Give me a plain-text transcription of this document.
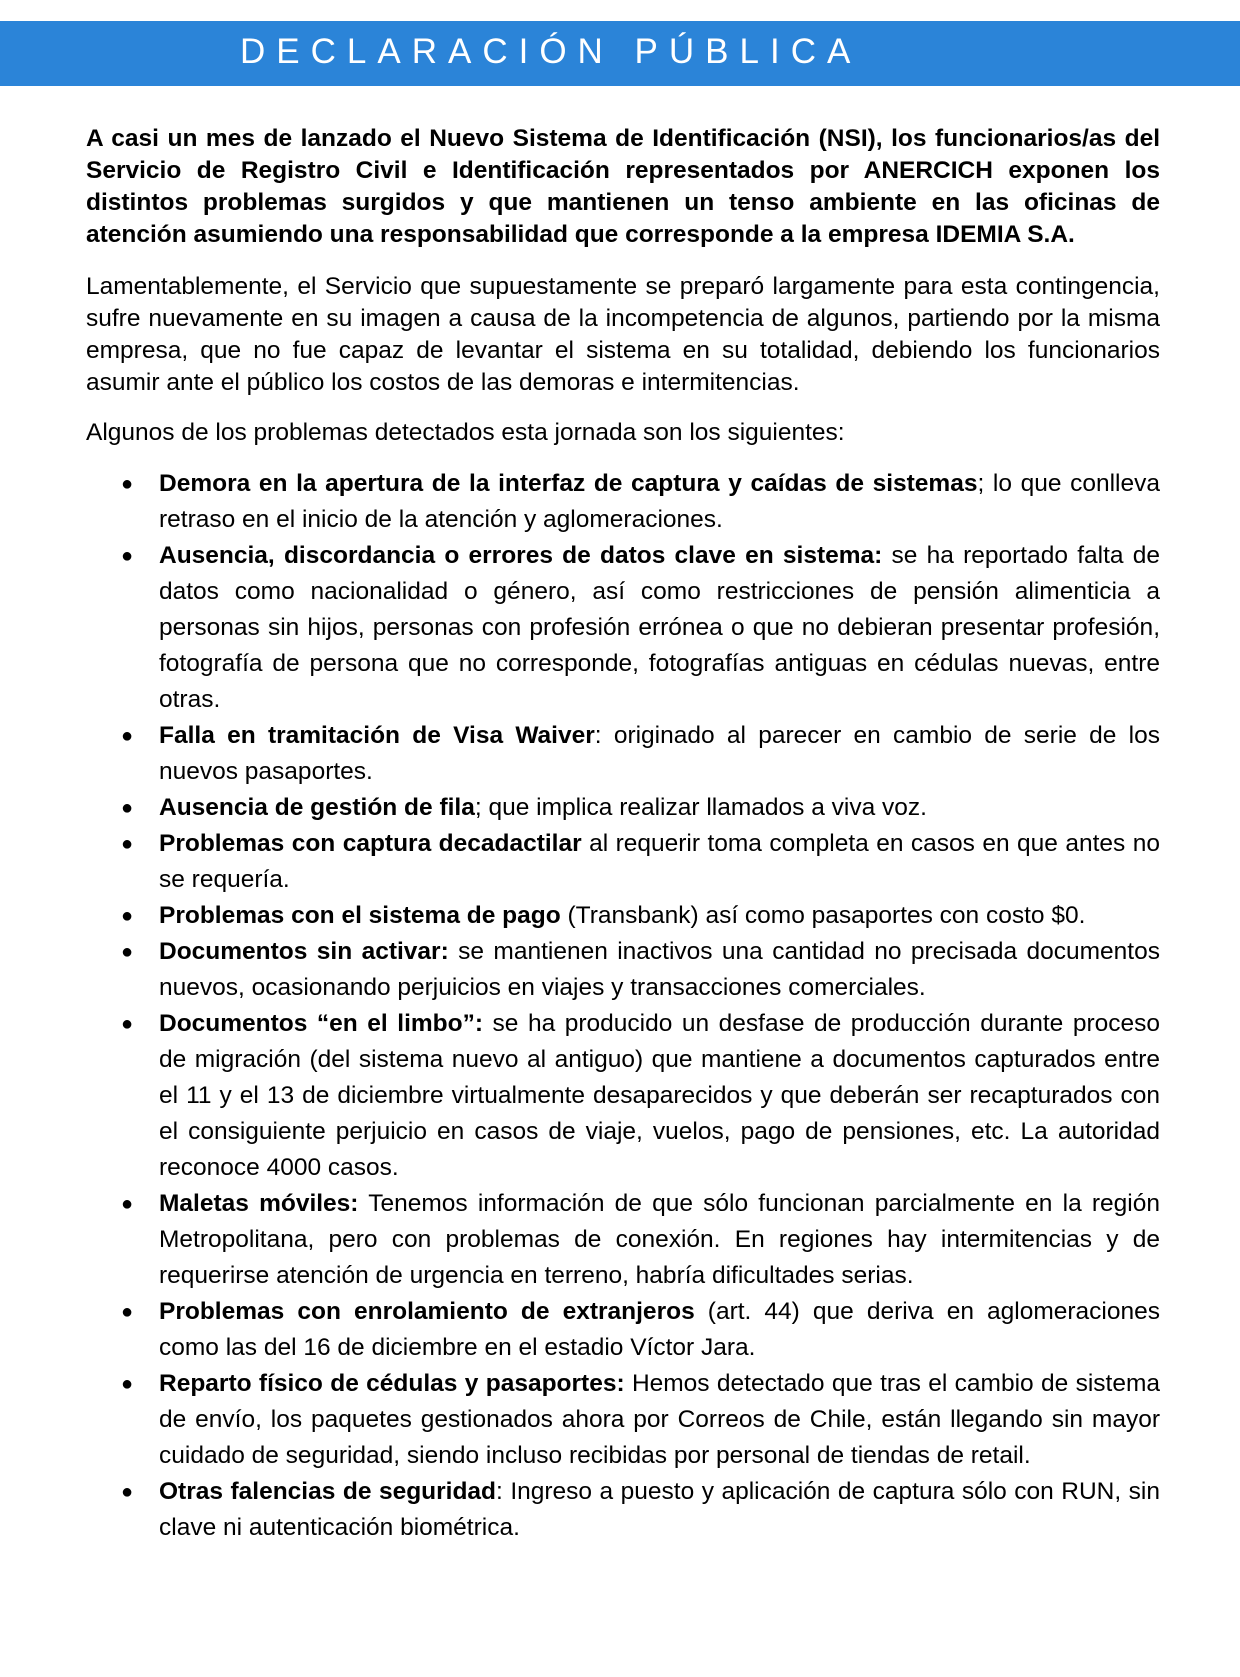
DECLARACIÓN PÚBLICA

A casi un mes de lanzado el Nuevo Sistema de Identificación (NSI), los funcionarios/as del Servicio de Registro Civil e Identificación representados por ANERCICH exponen los distintos problemas surgidos y que mantienen un tenso ambiente en las oficinas de atención asumiendo una responsabilidad que corresponde a la empresa IDEMIA S.A.

Lamentablemente, el Servicio que supuestamente se preparó largamente para esta contingencia, sufre nuevamente en su imagen a causa de la incompetencia de algunos, partiendo por la misma empresa, que no fue capaz de levantar el sistema en su totalidad, debiendo los funcionarios asumir ante el público los costos de las demoras e intermitencias.

Algunos de los problemas detectados esta jornada son los siguientes:

● Demora en la apertura de la interfaz de captura y caídas de sistemas; lo que conlleva retraso en el inicio de la atención y aglomeraciones.
● Ausencia, discordancia o errores de datos clave en sistema: se ha reportado falta de datos como nacionalidad o género, así como restricciones de pensión alimenticia a personas sin hijos, personas con profesión errónea o que no debieran presentar profesión, fotografía de persona que no corresponde, fotografías antiguas en cédulas nuevas, entre otras.
● Falla en tramitación de Visa Waiver: originado al parecer en cambio de serie de los nuevos pasaportes.
● Ausencia de gestión de fila; que implica realizar llamados a viva voz.
● Problemas con captura decadactilar al requerir toma completa en casos en que antes no se requería.
● Problemas con el sistema de pago (Transbank) así como pasaportes con costo $0.
● Documentos sin activar: se mantienen inactivos una cantidad no precisada documentos nuevos, ocasionando perjuicios en viajes y transacciones comerciales.
● Documentos “en el limbo”: se ha producido un desfase de producción durante proceso de migración (del sistema nuevo al antiguo) que mantiene a documentos capturados entre el 11 y el 13 de diciembre virtualmente desaparecidos y que deberán ser recapturados con el consiguiente perjuicio en casos de viaje, vuelos, pago de pensiones, etc. La autoridad reconoce 4000 casos.
● Maletas móviles: Tenemos información de que sólo funcionan parcialmente en la región Metropolitana, pero con problemas de conexión. En regiones hay intermitencias y de requerirse atención de urgencia en terreno, habría dificultades serias.
● Problemas con enrolamiento de extranjeros (art. 44) que deriva en aglomeraciones como las del 16 de diciembre en el estadio Víctor Jara.
● Reparto físico de cédulas y pasaportes: Hemos detectado que tras el cambio de sistema de envío, los paquetes gestionados ahora por Correos de Chile, están llegando sin mayor cuidado de seguridad, siendo incluso recibidas por personal de tiendas de retail.
● Otras falencias de seguridad: Ingreso a puesto y aplicación de captura sólo con RUN, sin clave ni autenticación biométrica.
